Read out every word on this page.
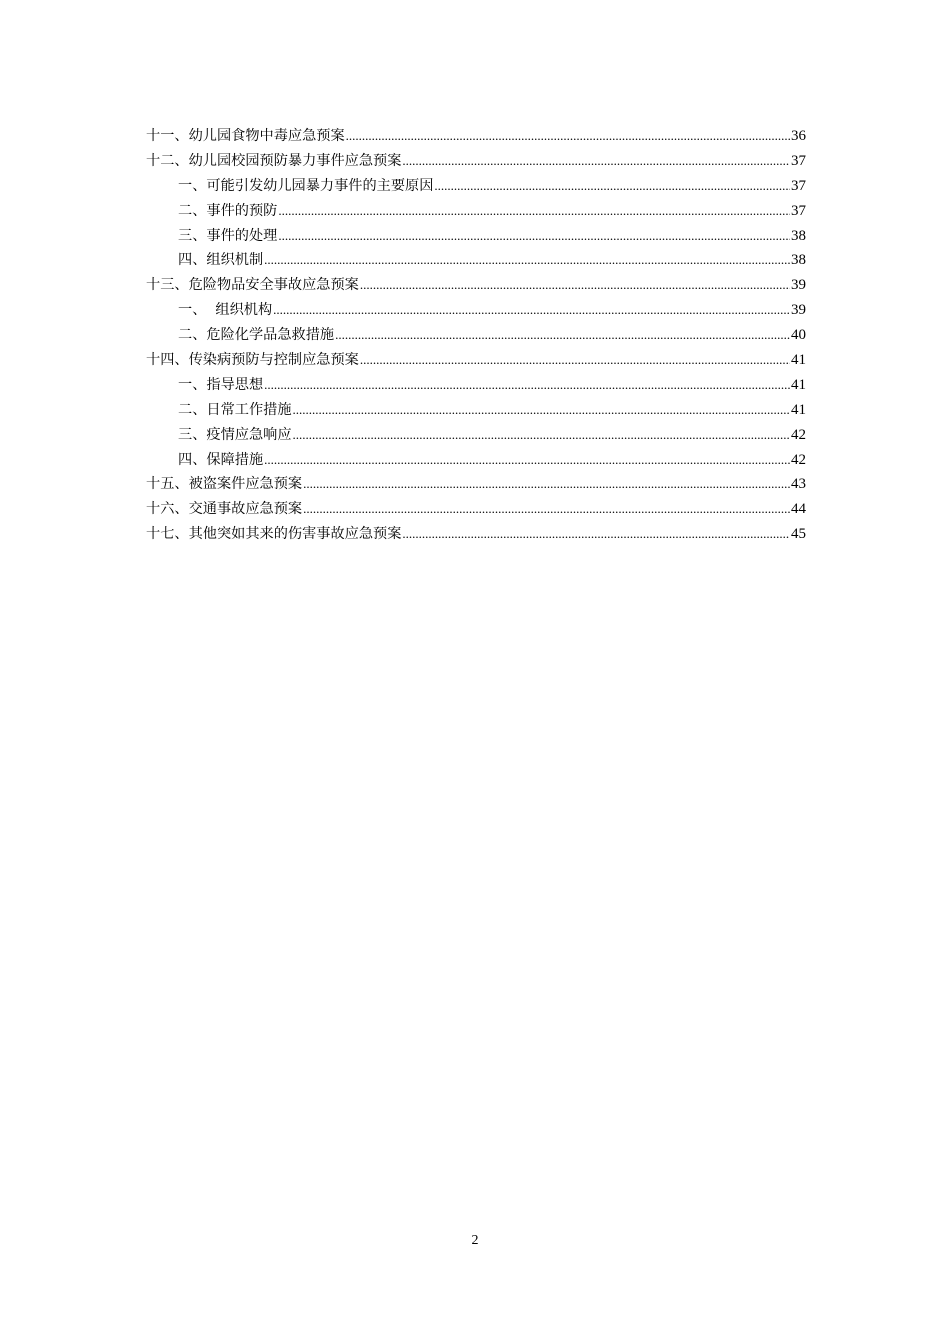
十一、幼儿园食物中毒应急预案 .....	36
十二、幼儿园校园预防暴力事件应急预案 .....	37
一、可能引发幼儿园暴力事件的主要原因 .....	37
二、事件的预防 .....	37
三、事件的处理 .....	38
四、组织机制 .....	38
十三、危险物品安全事故应急预案 .....	39
一、  组织机构 .....	39
二、危险化学品急救措施 .....	40
十四、传染病预防与控制应急预案 .....	41
一、指导思想 .....	41
二、日常工作措施 .....	41
三、疫情应急响应 .....	42
四、保障措施 .....	42
十五、被盗案件应急预案 .....	43
十六、交通事故应急预案 .....	44
十七、其他突如其来的伤害事故应急预案 .....	45
2
